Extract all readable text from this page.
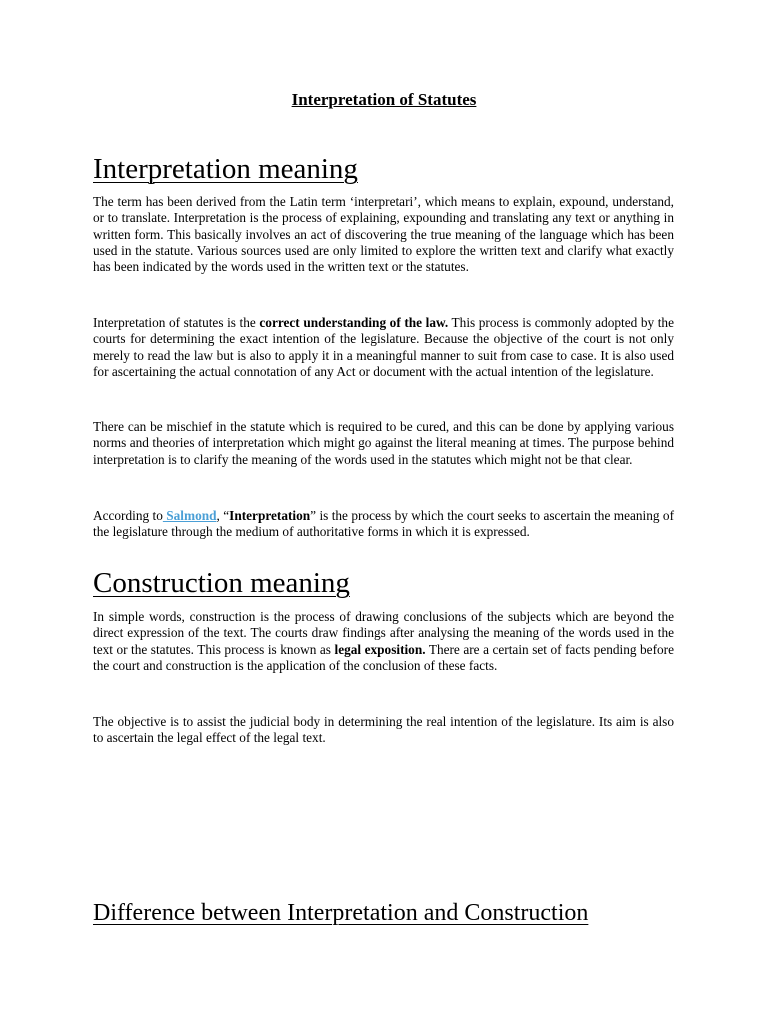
Interpretation of Statutes
Interpretation meaning
The term has been derived from the Latin term ‘interpretari’, which means to explain, expound, understand, or to translate. Interpretation is the process of explaining, expounding and translating any text or anything in written form. This basically involves an act of discovering the true meaning of the language which has been used in the statute. Various sources used are only limited to explore the written text and clarify what exactly has been indicated by the words used in the written text or the statutes.
Interpretation of statutes is the correct understanding of the law. This process is commonly adopted by the courts for determining the exact intention of the legislature. Because the objective of the court is not only merely to read the law but is also to apply it in a meaningful manner to suit from case to case. It is also used for ascertaining the actual connotation of any Act or document with the actual intention of the legislature.
There can be mischief in the statute which is required to be cured, and this can be done by applying various norms and theories of interpretation which might go against the literal meaning at times. The purpose behind interpretation is to clarify the meaning of the words used in the statutes which might not be that clear.
According to Salmond, “Interpretation” is the process by which the court seeks to ascertain the meaning of the legislature through the medium of authoritative forms in which it is expressed.
Construction meaning
In simple words, construction is the process of drawing conclusions of the subjects which are beyond the direct expression of the text. The courts draw findings after analysing the meaning of the words used in the text or the statutes. This process is known as legal exposition. There are a certain set of facts pending before the court and construction is the application of the conclusion of these facts.
The objective is to assist the judicial body in determining the real intention of the legislature. Its aim is also to ascertain the legal effect of the legal text.
Difference between Interpretation and Construction
